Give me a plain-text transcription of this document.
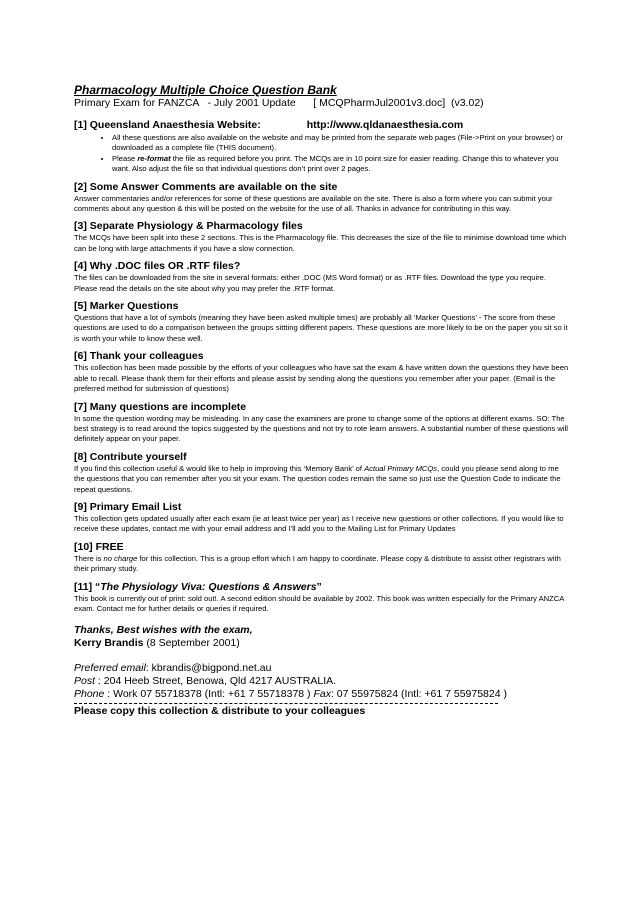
Pharmacology Multiple Choice Question Bank

Primary Exam for FANZCA   - July 2001 Update      [ MCQPharmJul2001v3.doc]  (v3.02)

[1] Queensland Anaesthesia Website:	http://www.qldanaesthesia.com

• All these questions are also available on the website and may be printed from the separate web pages (File->Print on your browser) or downloaded as a complete file (THIS document).
• Please re-format the file as required before you print. The MCQs are in 10 point size for easier reading. Change this to whatever you want. Also adjust the file so that individual questions don’t print over 2 pages.

[2] Some Answer Comments are available on the site

Answer commentaries and/or references for some of these questions are available on the site. There is also a form where you can submit your comments about any question & this will be posted on the website for the use of all. Thanks in advance for contributing in this way.

[3] Separate Physiology & Pharmacology files

The MCQs have been split into these 2 sections. This is the Pharmacology file. This decreases the size of the file to minimise download time which can be long with large attachments if you have a slow connection.

[4] Why .DOC files OR .RTF files?

The files can be downloaded from the site in several formats: either .DOC (MS Word format) or as .RTF files. Download the type you require. Please read the details on the site about why you may prefer the .RTF format.

[5] Marker Questions

Questions that have a lot of symbols (meaning they have been asked multiple times) are probably all ‘Marker Questions’ - The score from these questions are used to do a comparison between the groups sittting different papers. These questions are more likely to be on the paper you sit so it is worth your while to know these well.

[6] Thank your colleagues

This collection has been made possible by the efforts of your colleagues who have sat the exam & have written down the questions they have been able to recall. Please thank them for their efforts and please assist by sending along the questions you remember after your paper. (Email is the preferred method for submission of questions)

[7] Many questions are incomplete

In some the question wording may be misleading. In any case the examiners are prone to change some of the options at different exams. SO: The best strategy is to read around the topics suggested by the questions and not try to rote learn answers. A substantial number of these questions will definitely appear on your paper.

[8] Contribute yourself

If you find this collection useful & would like to help in improving this ‘Memory Bank’ of Actual Primary MCQs, could you please send along to me the questions that you can remember after you sit your exam. The question codes remain the same so just use the Question Code to indicate the repeat questions.

[9] Primary Email List

This collection gets updated usually after each exam (ie at least twice per year) as I receive new questions or other collections. If you would like to receive these updates, contact me with your email address and I’ll add you to the Mailing List for Primary Updates

[10] FREE

There is no charge for this collection. This is a group effort which I am happy to coordinate. Please copy & distribute to assist other registrars with their primary study.

[11] “The Physiology Viva: Questions & Answers”

This book is currently out of print: sold out!. A second edition should be available by 2002. This book was written especially for the Primary ANZCA exam. Contact me for further details or queries if required.

Thanks, Best wishes with the exam,

Kerry Brandis (8 September 2001)

Preferred email: kbrandis@bigpond.net.au

Post : 204 Heeb Street, Benowa, Qld 4217 AUSTRALIA.

Phone : Work 07 55718378 (Intl: +61 7 55718378 ) Fax: 07 55975824 (Intl: +61 7 55975824 )

Please copy this collection & distribute to your colleagues
